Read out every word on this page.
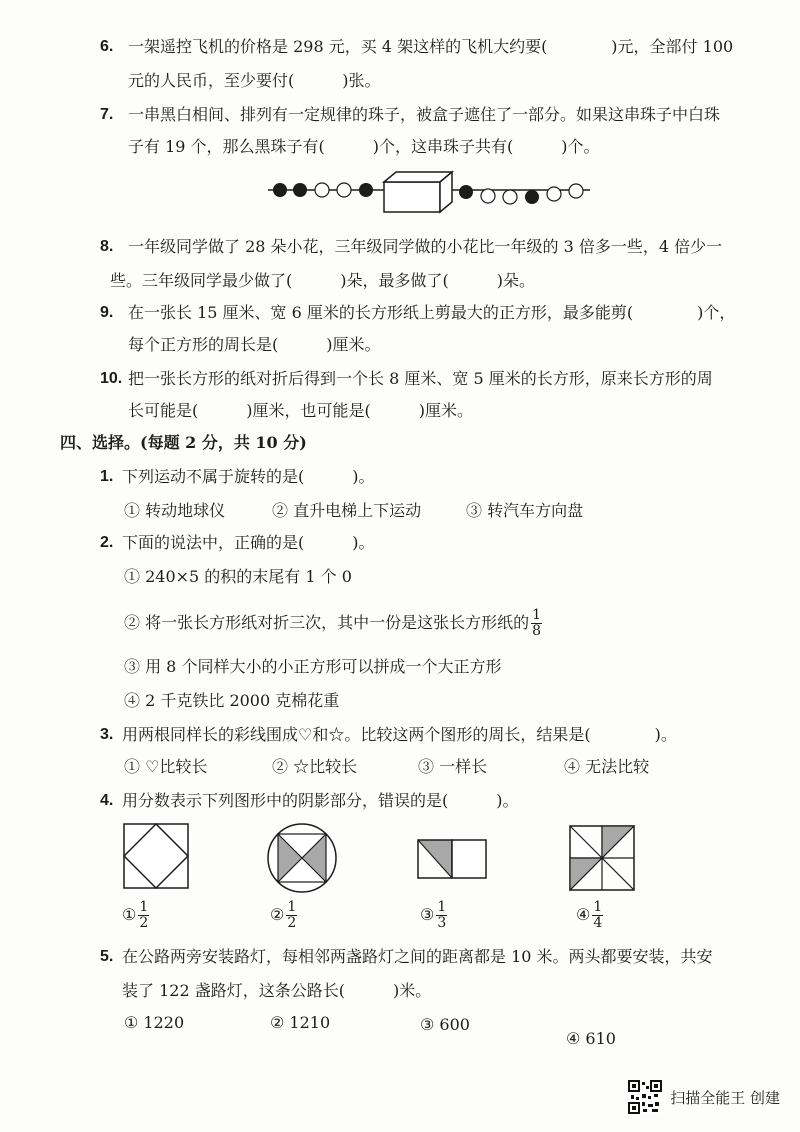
6. 一架遥控飞机的价格是 298 元，买 4 架这样的飞机大约要(　　　　)元，全部付 100
元的人民币，至少要付(　　　)张。
7. 一串黑白相间、排列有一定规律的珠子，被盒子遮住了一部分。如果这串珠子中白珠
子有 19 个，那么黑珠子有(　　　)个，这串珠子共有(　　　)个。
8. 一年级同学做了 28 朵小花，三年级同学做的小花比一年级的 3 倍多一些，4 倍少一
些。三年级同学最少做了(　　　)朵，最多做了(　　　)朵。
9. 在一张长 15 厘米、宽 6 厘米的长方形纸上剪最大的正方形，最多能剪(　　　　)个，
每个正方形的周长是(　　　)厘米。
10. 把一张长方形的纸对折后得到一个长 8 厘米、宽 5 厘米的长方形，原来长方形的周
长可能是(　　　)厘米，也可能是(　　　)厘米。
四、选择。(每题 2 分，共 10 分)
1. 下列运动不属于旋转的是(　　　)。
① 转动地球仪	② 直升电梯上下运动	③ 转汽车方向盘
2. 下面的说法中，正确的是(　　　)。
① 240×5 的积的末尾有 1 个 0
② 将一张长方形纸对折三次，其中一份是这张长方形纸的 $\frac{1}{8}$
③ 用 8 个同样大小的小正方形可以拼成一个大正方形
④ 2 千克铁比 2000 克棉花重
3. 用两根同样长的彩线围成♡和☆。比较这两个图形的周长，结果是(　　　　)。
① ♡比较长	② ☆比较长	③ 一样长	④ 无法比较
4. 用分数表示下列图形中的阴影部分，错误的是(　　　)。
① $\frac{1}{2}$	② $\frac{1}{2}$	③ $\frac{1}{3}$	④ $\frac{1}{4}$
5. 在公路两旁安装路灯，每相邻两盏路灯之间的距离都是 10 米。两头都要安装，共安
装了 122 盏路灯，这条公路长(　　　)米。
① 1220	② 1210	③ 600
④ 610
扫描全能王 创建
